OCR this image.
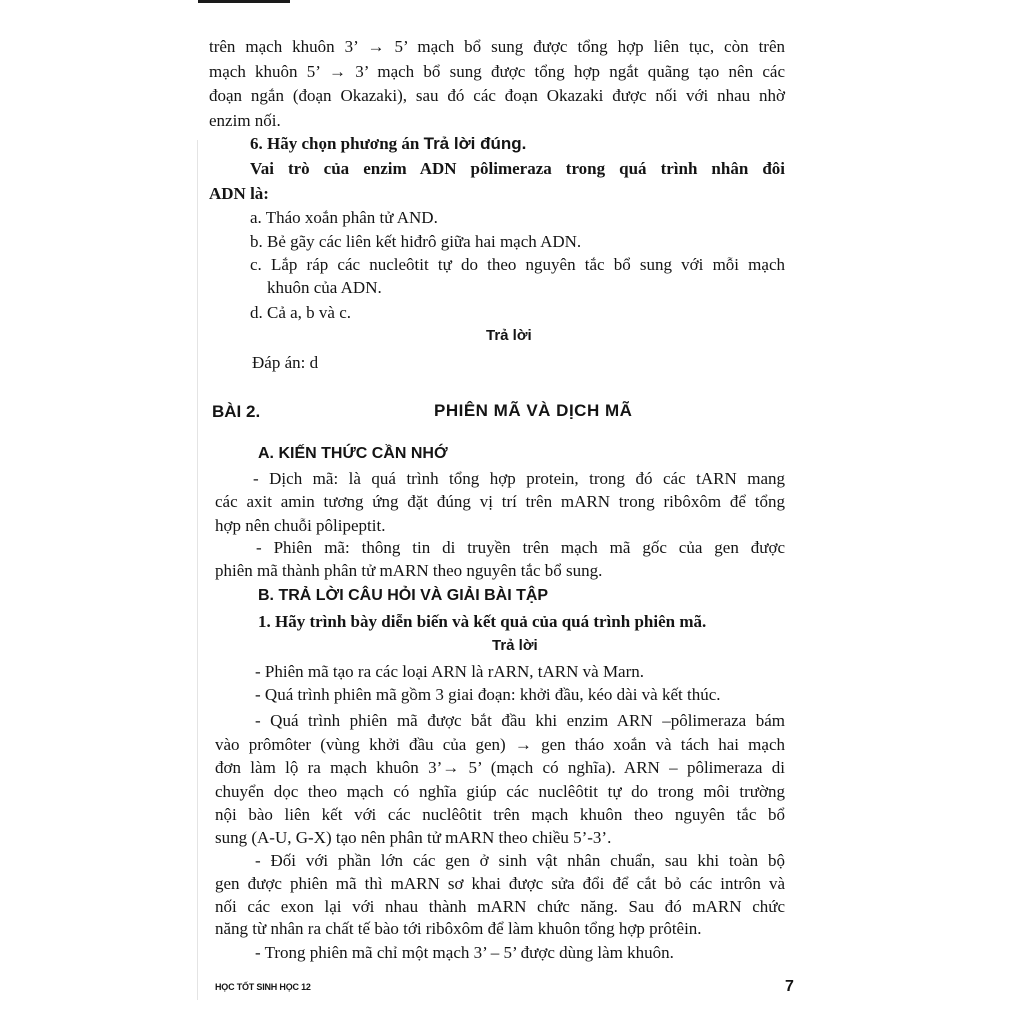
trên mạch khuôn 3’ → 5’ mạch bổ sung được tổng hợp liên tục, còn trên
mạch khuôn 5’ → 3’ mạch bổ sung được tổng hợp ngắt quãng tạo nên các
đoạn ngắn (đoạn Okazaki), sau đó các đoạn Okazaki được nối với nhau nhờ
enzim nối.
6. Hãy chọn phương án Trả lời đúng.
Vai trò của enzim ADN pôlimeraza trong quá trình nhân đôi
ADN là:
a. Tháo xoắn phân tử AND.
b. Bẻ gãy các liên kết hiđrô giữa hai mạch ADN.
c. Lắp ráp các nucleôtit tự do theo nguyên tắc bổ sung với mỗi mạch
khuôn của ADN.
d. Cả a, b và c.
Trả lời
Đáp án: d
BÀI 2.	PHIÊN MÃ VÀ DỊCH MÃ
A. KIẾN THỨC CẦN NHỚ
- Dịch mã: là quá trình tổng hợp protein, trong đó các tARN mang
các axit amin tương ứng đặt đúng vị trí trên mARN trong ribôxôm để tổng
hợp nên chuỗi pôlipeptit.
- Phiên mã: thông tin di truyền trên mạch mã gốc của gen được
phiên mã thành phân tử mARN theo nguyên tắc bổ sung.
B. TRẢ LỜI CÂU HỎI VÀ GIẢI BÀI TẬP
1. Hãy trình bày diễn biến và kết quả của quá trình phiên mã.
Trả lời
- Phiên mã tạo ra các loại ARN là rARN, tARN và Marn.
- Quá trình phiên mã gồm 3 giai đoạn: khởi đầu, kéo dài và kết thúc.
- Quá trình phiên mã được bắt đầu khi enzim ARN –pôlimeraza bám
vào prômôter (vùng khởi đầu của gen) → gen tháo xoắn và tách hai mạch
đơn làm lộ ra mạch khuôn 3’→ 5’ (mạch có nghĩa). ARN – pôlimeraza di
chuyển dọc theo mạch có nghĩa giúp các nuclêôtit tự do trong môi trường
nội bào liên kết với các nuclêôtit trên mạch khuôn theo nguyên tắc bổ
sung (A-U, G-X) tạo nên phân tử mARN theo chiều 5’-3’.
- Đối với phần lớn các gen ở sinh vật nhân chuẩn, sau khi toàn bộ
gen được phiên mã thì mARN sơ khai được sửa đổi để cắt bỏ các intrôn và
nối các exon lại với nhau thành mARN chức năng. Sau đó mARN chức
năng từ nhân ra chất tế bào tới ribôxôm để làm khuôn tổng hợp prôtêin.
- Trong phiên mã chỉ một mạch 3’ – 5’ được dùng làm khuôn.
HỌC TỐT SINH HỌC 12	7
